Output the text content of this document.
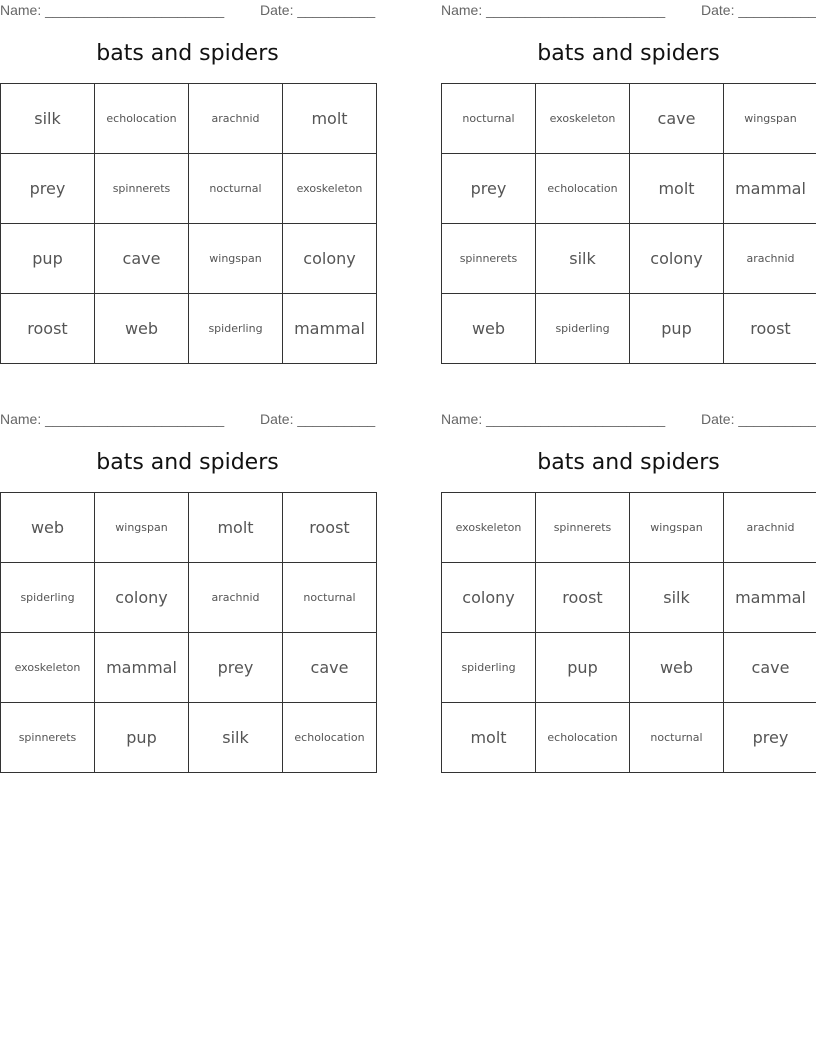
Name: _______________________	Date: __________
bats and spiders
silk	echolocation	arachnid	molt
prey	spinnerets	nocturnal	exoskeleton
pup	cave	wingspan	colony
roost	web	spiderling	mammal
Name: _______________________	Date: __________
bats and spiders
nocturnal	exoskeleton	cave	wingspan
prey	echolocation	molt	mammal
spinnerets	silk	colony	arachnid
web	spiderling	pup	roost
Name: _______________________	Date: __________
bats and spiders
web	wingspan	molt	roost
spiderling	colony	arachnid	nocturnal
exoskeleton	mammal	prey	cave
spinnerets	pup	silk	echolocation
Name: _______________________	Date: __________
bats and spiders
exoskeleton	spinnerets	wingspan	arachnid
colony	roost	silk	mammal
spiderling	pup	web	cave
molt	echolocation	nocturnal	prey
